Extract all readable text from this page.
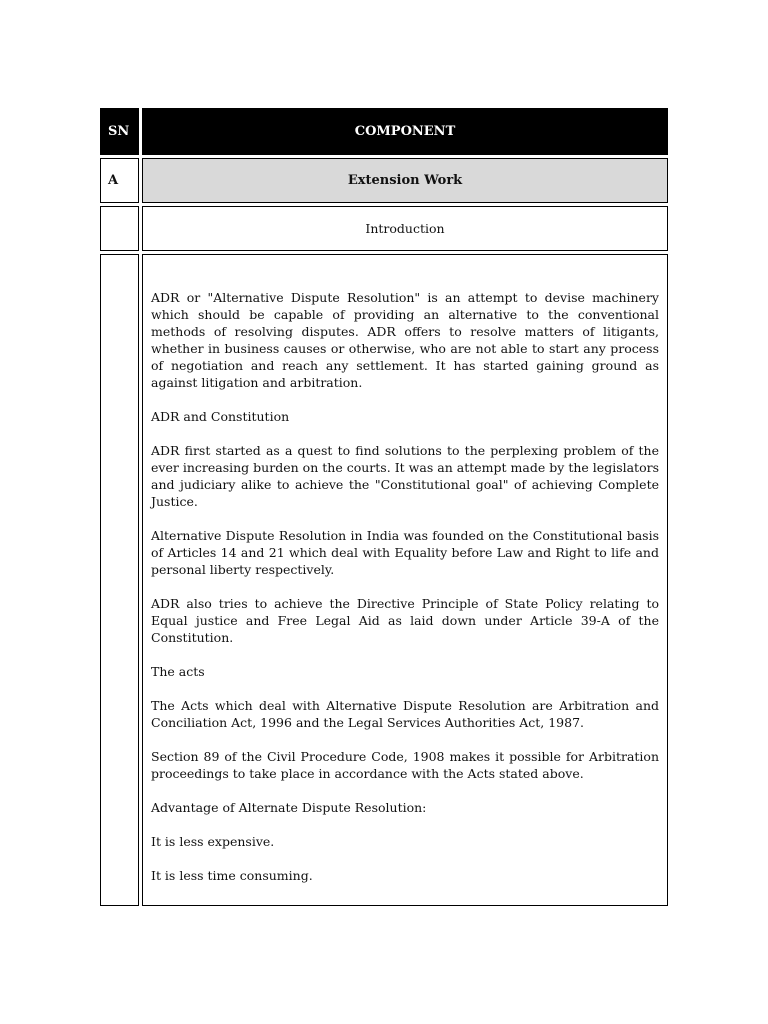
SN	COMPONENT
A	Extension Work
Introduction

ADR or "Alternative Dispute Resolution" is an attempt to devise machinery which should be capable of providing an alternative to the conventional methods of resolving disputes. ADR offers to resolve matters of litigants, whether in business causes or otherwise, who are not able to start any process of negotiation and reach any settlement. It has started gaining ground as against litigation and arbitration.

ADR and Constitution

ADR first started as a quest to find solutions to the perplexing problem of the ever increasing burden on the courts. It was an attempt made by the legislators and judiciary alike to achieve the "Constitutional goal" of achieving Complete Justice.

Alternative Dispute Resolution in India was founded on the Constitutional basis of Articles 14 and 21 which deal with Equality before Law and Right to life and personal liberty respectively.

ADR also tries to achieve the Directive Principle of State Policy relating to Equal justice and Free Legal Aid as laid down under Article 39-A of the Constitution.

The acts

The Acts which deal with Alternative Dispute Resolution are Arbitration and Conciliation Act, 1996 and the Legal Services Authorities Act, 1987.

Section 89 of the Civil Procedure Code, 1908 makes it possible for Arbitration proceedings to take place in accordance with the Acts stated above.

Advantage of Alternate Dispute Resolution:

It is less expensive.

It is less time consuming.
